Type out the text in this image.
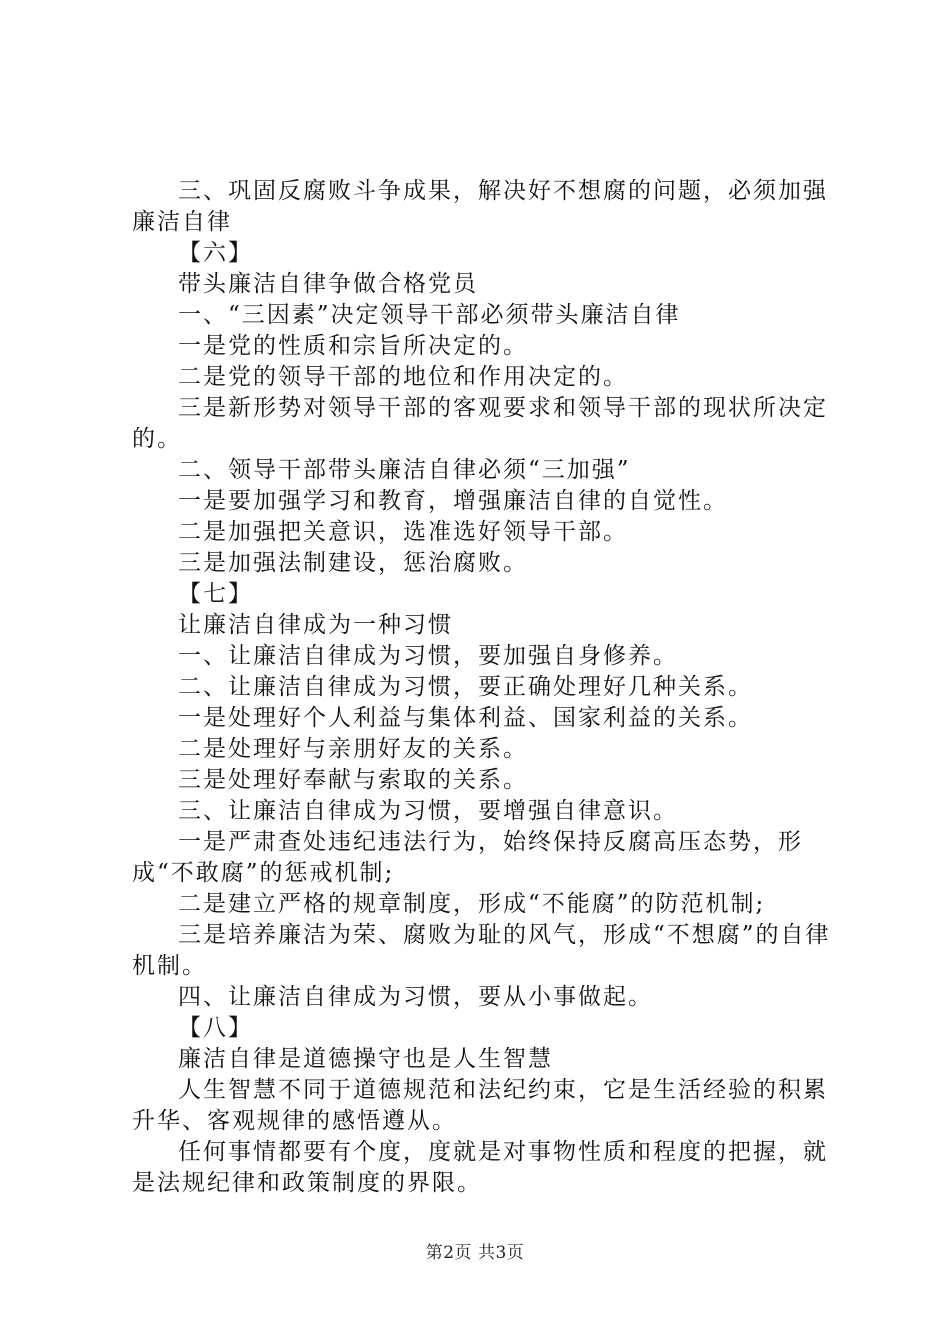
三、巩固反腐败斗争成果，解决好不想腐的问题，必须加强廉洁自律

【六】

带头廉洁自律争做合格党员

一、“三因素”决定领导干部必须带头廉洁自律

一是党的性质和宗旨所决定的。

二是党的领导干部的地位和作用决定的。

三是新形势对领导干部的客观要求和领导干部的现状所决定的。

二、领导干部带头廉洁自律必须“三加强”

一是要加强学习和教育，增强廉洁自律的自觉性。

二是加强把关意识，选准选好领导干部。

三是加强法制建设，惩治腐败。

【七】

让廉洁自律成为一种习惯

一、让廉洁自律成为习惯，要加强自身修养。

二、让廉洁自律成为习惯，要正确处理好几种关系。

一是处理好个人利益与集体利益、国家利益的关系。

二是处理好与亲朋好友的关系。

三是处理好奉献与索取的关系。

三、让廉洁自律成为习惯，要增强自律意识。

一是严肃查处违纪违法行为，始终保持反腐高压态势，形成“不敢腐”的惩戒机制;

二是建立严格的规章制度，形成“不能腐”的防范机制;

三是培养廉洁为荣、腐败为耻的风气，形成“不想腐”的自律机制。

四、让廉洁自律成为习惯，要从小事做起。

【八】

廉洁自律是道德操守也是人生智慧

人生智慧不同于道德规范和法纪约束，它是生活经验的积累升华、客观规律的感悟遵从。

任何事情都要有个度，度就是对事物性质和程度的把握，就是法规纪律和政策制度的界限。

第2页 共3页
